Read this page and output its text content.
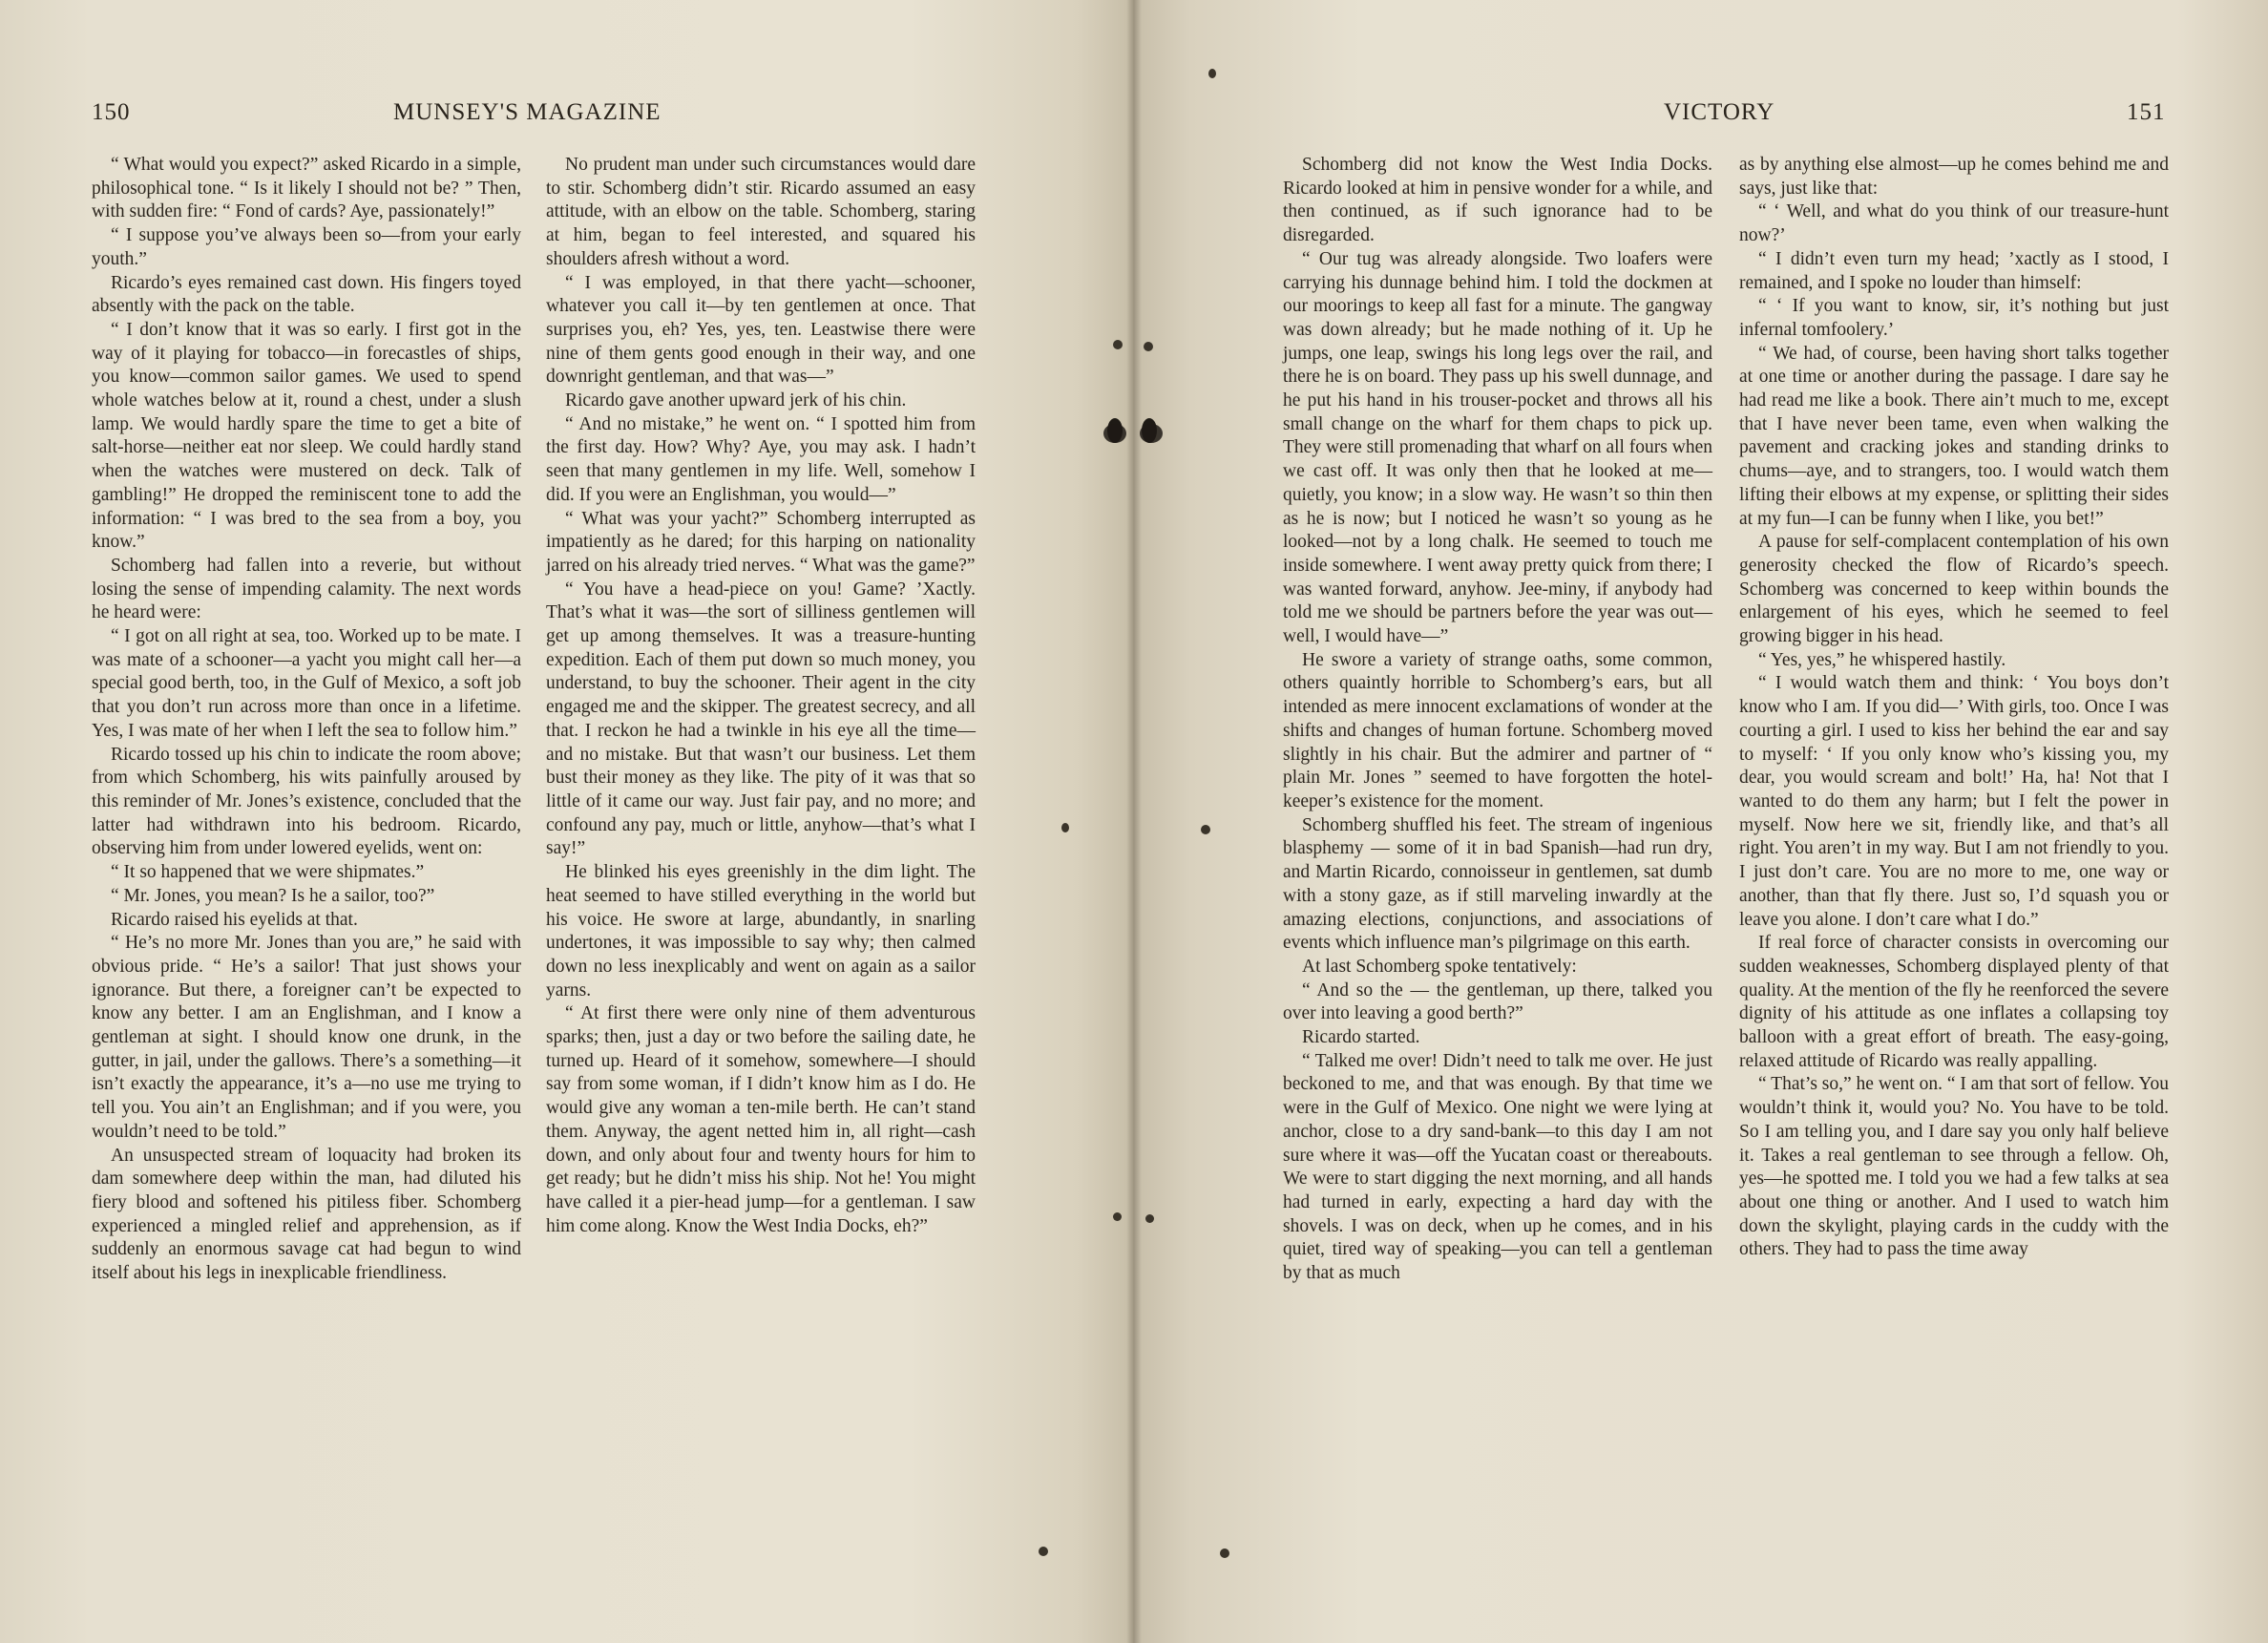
150	MUNSEY'S MAGAZINE

“ What would you expect?” asked Ricardo in a simple, philosophical tone. “ Is it likely I should not be? ” Then, with sudden fire: “ Fond of cards? Aye, passionately!”

“ I suppose you’ve always been so—from your early youth.”

Ricardo’s eyes remained cast down. His fingers toyed absently with the pack on the table.

“ I don’t know that it was so early. I first got in the way of it playing for tobacco—in forecastles of ships, you know—common sailor games. We used to spend whole watches below at it, round a chest, under a slush lamp. We would hardly spare the time to get a bite of salt-horse—neither eat nor sleep. We could hardly stand when the watches were mustered on deck. Talk of gambling!” He dropped the reminiscent tone to add the information: “ I was bred to the sea from a boy, you know.”

Schomberg had fallen into a reverie, but without losing the sense of impending calamity. The next words he heard were:

“ I got on all right at sea, too. Worked up to be mate. I was mate of a schooner—a yacht you might call her—a special good berth, too, in the Gulf of Mexico, a soft job that you don’t run across more than once in a lifetime. Yes, I was mate of her when I left the sea to follow him.”

Ricardo tossed up his chin to indicate the room above; from which Schomberg, his wits painfully aroused by this reminder of Mr. Jones’s existence, concluded that the latter had withdrawn into his bedroom. Ricardo, observing him from under lowered eyelids, went on:

“ It so happened that we were shipmates.”

“ Mr. Jones, you mean? Is he a sailor, too?”

Ricardo raised his eyelids at that.

“ He’s no more Mr. Jones than you are,” he said with obvious pride. “ He’s a sailor! That just shows your ignorance. But there, a foreigner can’t be expected to know any better. I am an Englishman, and I know a gentleman at sight. I should know one drunk, in the gutter, in jail, under the gallows. There’s a something—it isn’t exactly the appearance, it’s a—no use me trying to tell you. You ain’t an Englishman; and if you were, you wouldn’t need to be told.”

An unsuspected stream of loquacity had broken its dam somewhere deep within the man, had diluted his fiery blood and softened his pitiless fiber. Schomberg experienced a mingled relief and apprehension, as if suddenly an enormous savage cat had begun to wind itself about his legs in inexplicable friendliness.

No prudent man under such circumstances would dare to stir. Schomberg didn’t stir. Ricardo assumed an easy attitude, with an elbow on the table. Schomberg, staring at him, began to feel interested, and squared his shoulders afresh without a word.

“ I was employed, in that there yacht—schooner, whatever you call it—by ten gentlemen at once. That surprises you, eh? Yes, yes, ten. Leastwise there were nine of them gents good enough in their way, and one downright gentleman, and that was—”

Ricardo gave another upward jerk of his chin.

“ And no mistake,” he went on. “ I spotted him from the first day. How? Why? Aye, you may ask. I hadn’t seen that many gentlemen in my life. Well, somehow I did. If you were an Englishman, you would—”

“ What was your yacht?” Schomberg interrupted as impatiently as he dared; for this harping on nationality jarred on his already tried nerves. “ What was the game?”

“ You have a head-piece on you! Game? ’Xactly. That’s what it was—the sort of silliness gentlemen will get up among themselves. It was a treasure-hunting expedition. Each of them put down so much money, you understand, to buy the schooner. Their agent in the city engaged me and the skipper. The greatest secrecy, and all that. I reckon he had a twinkle in his eye all the time—and no mistake. But that wasn’t our business. Let them bust their money as they like. The pity of it was that so little of it came our way. Just fair pay, and no more; and confound any pay, much or little, anyhow—that’s what I say!”

He blinked his eyes greenishly in the dim light. The heat seemed to have stilled everything in the world but his voice. He swore at large, abundantly, in snarling undertones, it was impossible to say why; then calmed down no less inexplicably and went on again as a sailor yarns.

“ At first there were only nine of them adventurous sparks; then, just a day or two before the sailing date, he turned up. Heard of it somehow, somewhere—I should say from some woman, if I didn’t know him as I do. He would give any woman a ten-mile berth. He can’t stand them. Anyway, the agent netted him in, all right—cash down, and only about four and twenty hours for him to get ready; but he didn’t miss his ship. Not he! You might have called it a pier-head jump—for a gentleman. I saw him come along. Know the West India Docks, eh?”

VICTORY	151

Schomberg did not know the West India Docks. Ricardo looked at him in pensive wonder for a while, and then continued, as if such ignorance had to be disregarded.

“ Our tug was already alongside. Two loafers were carrying his dunnage behind him. I told the dockmen at our moorings to keep all fast for a minute. The gangway was down already; but he made nothing of it. Up he jumps, one leap, swings his long legs over the rail, and there he is on board. They pass up his swell dunnage, and he put his hand in his trouser-pocket and throws all his small change on the wharf for them chaps to pick up. They were still promenading that wharf on all fours when we cast off. It was only then that he looked at me—quietly, you know; in a slow way. He wasn’t so thin then as he is now; but I noticed he wasn’t so young as he looked—not by a long chalk. He seemed to touch me inside somewhere. I went away pretty quick from there; I was wanted forward, anyhow. Jee-miny, if anybody had told me we should be partners before the year was out—well, I would have—”

He swore a variety of strange oaths, some common, others quaintly horrible to Schomberg’s ears, but all intended as mere innocent exclamations of wonder at the shifts and changes of human fortune. Schomberg moved slightly in his chair. But the admirer and partner of “ plain Mr. Jones ” seemed to have forgotten the hotel-keeper’s existence for the moment.

Schomberg shuffled his feet. The stream of ingenious blasphemy — some of it in bad Spanish—had run dry, and Martin Ricardo, connoisseur in gentlemen, sat dumb with a stony gaze, as if still marveling inwardly at the amazing elections, conjunctions, and associations of events which influence man’s pilgrimage on this earth.

At last Schomberg spoke tentatively:

“ And so the — the gentleman, up there, talked you over into leaving a good berth?”

Ricardo started.

“ Talked me over! Didn’t need to talk me over. He just beckoned to me, and that was enough. By that time we were in the Gulf of Mexico. One night we were lying at anchor, close to a dry sand-bank—to this day I am not sure where it was—off the Yucatan coast or thereabouts. We were to start digging the next morning, and all hands had turned in early, expecting a hard day with the shovels. I was on deck, when up he comes, and in his quiet, tired way of speaking—you can tell a gentleman by that as much

as by anything else almost—up he comes behind me and says, just like that:

“ ‘ Well, and what do you think of our treasure-hunt now?’

“ I didn’t even turn my head; ’xactly as I stood, I remained, and I spoke no louder than himself:

“ ‘ If you want to know, sir, it’s nothing but just infernal tomfoolery.’

“ We had, of course, been having short talks together at one time or another during the passage. I dare say he had read me like a book. There ain’t much to me, except that I have never been tame, even when walking the pavement and cracking jokes and standing drinks to chums—aye, and to strangers, too. I would watch them lifting their elbows at my expense, or splitting their sides at my fun—I can be funny when I like, you bet!”

A pause for self-complacent contemplation of his own generosity checked the flow of Ricardo’s speech. Schomberg was concerned to keep within bounds the enlargement of his eyes, which he seemed to feel growing bigger in his head.

“ Yes, yes,” he whispered hastily.

“ I would watch them and think: ‘ You boys don’t know who I am. If you did—’ With girls, too. Once I was courting a girl. I used to kiss her behind the ear and say to myself: ‘ If you only know who’s kissing you, my dear, you would scream and bolt!’ Ha, ha! Not that I wanted to do them any harm; but I felt the power in myself. Now here we sit, friendly like, and that’s all right. You aren’t in my way. But I am not friendly to you. I just don’t care. You are no more to me, one way or another, than that fly there. Just so, I’d squash you or leave you alone. I don’t care what I do.”

If real force of character consists in overcoming our sudden weaknesses, Schomberg displayed plenty of that quality. At the mention of the fly he reenforced the severe dignity of his attitude as one inflates a collapsing toy balloon with a great effort of breath. The easy-going, relaxed attitude of Ricardo was really appalling.

“ That’s so,” he went on. “ I am that sort of fellow. You wouldn’t think it, would you? No. You have to be told. So I am telling you, and I dare say you only half believe it. Takes a real gentleman to see through a fellow. Oh, yes—he spotted me. I told you we had a few talks at sea about one thing or another. And I used to watch him down the skylight, playing cards in the cuddy with the others. They had to pass the time away
